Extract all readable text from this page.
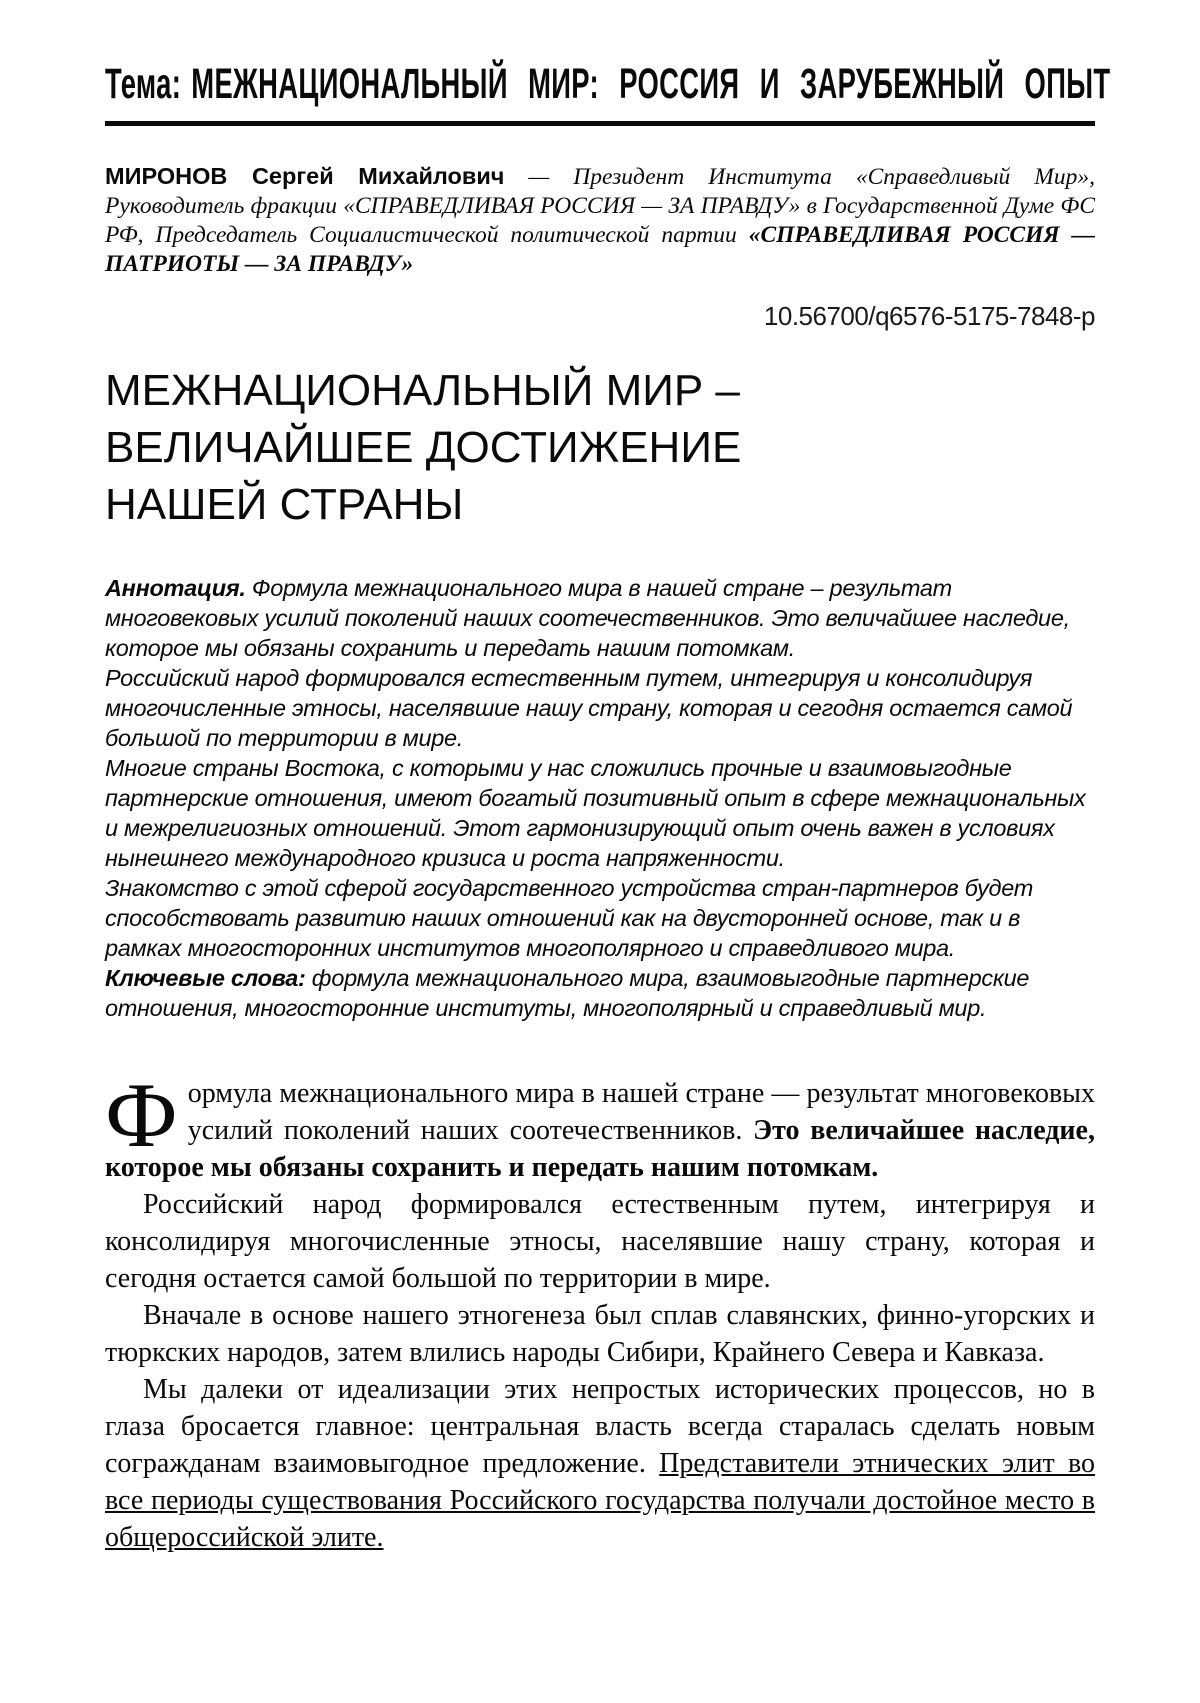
Тема: МЕЖНАЦИОНАЛЬНЫЙ МИР: РОССИЯ И ЗАРУБЕЖНЫЙ ОПЫТ

МИРОНОВ Сергей Михайлович — Президент Института «Справедливый Мир», Руководитель фракции «СПРАВЕДЛИВАЯ РОССИЯ — ЗА ПРАВДУ» в Государственной Думе ФС РФ, Председатель Социалистической политической партии «СПРАВЕДЛИВАЯ РОССИЯ — ПАТРИОТЫ — ЗА ПРАВДУ»

10.56700/q6576-5175-7848-p
МЕЖНАЦИОНАЛЬНЫЙ МИР – ВЕЛИЧАЙШЕЕ ДОСТИЖЕНИЕ НАШЕЙ СТРАНЫ

Аннотация. Формула межнационального мира в нашей стране – результат многовековых усилий поколений наших соотечественников. Это величайшее наследие, которое мы обязаны сохранить и передать нашим потомкам.

Российский народ формировался естественным путем, интегрируя и консолидируя многочисленные этносы, населявшие нашу страну, которая и сегодня остается самой большой по территории в мире.

Многие страны Востока, с которыми у нас сложились прочные и взаимовыгодные партнерские отношения, имеют богатый позитивный опыт в сфере межнациональных и межрелигиозных отношений. Этот гармонизирующий опыт очень важен в условиях нынешнего международного кризиса и роста напряженности.

Знакомство с этой сферой государственного устройства стран-партнеров будет способствовать развитию наших отношений как на двусторонней основе, так и в рамках многосторонних институтов многополярного и справедливого мира.

Ключевые слова: формула межнационального мира, взаимовыгодные партнерские отношения, многосторонние институты, многополярный и справедливый мир.

Формула межнационального мира в нашей стране — результат многовековых усилий поколений наших соотечественников. Это величайшее наследие, которое мы обязаны сохранить и передать нашим потомкам.

Российский народ формировался естественным путем, интегрируя и консолидируя многочисленные этносы, населявшие нашу страну, которая и сегодня остается самой большой по территории в мире.

Вначале в основе нашего этногенеза был сплав славянских, финно-угорских и тюркских народов, затем влились народы Сибири, Крайнего Севера и Кавказа.

Мы далеки от идеализации этих непростых исторических процессов, но в глаза бросается главное: центральная власть всегда старалась сделать новым согражданам взаимовыгодное предложение. Представители этнических элит во все периоды существования Российского государства получали достойное место в общероссийской элите.
